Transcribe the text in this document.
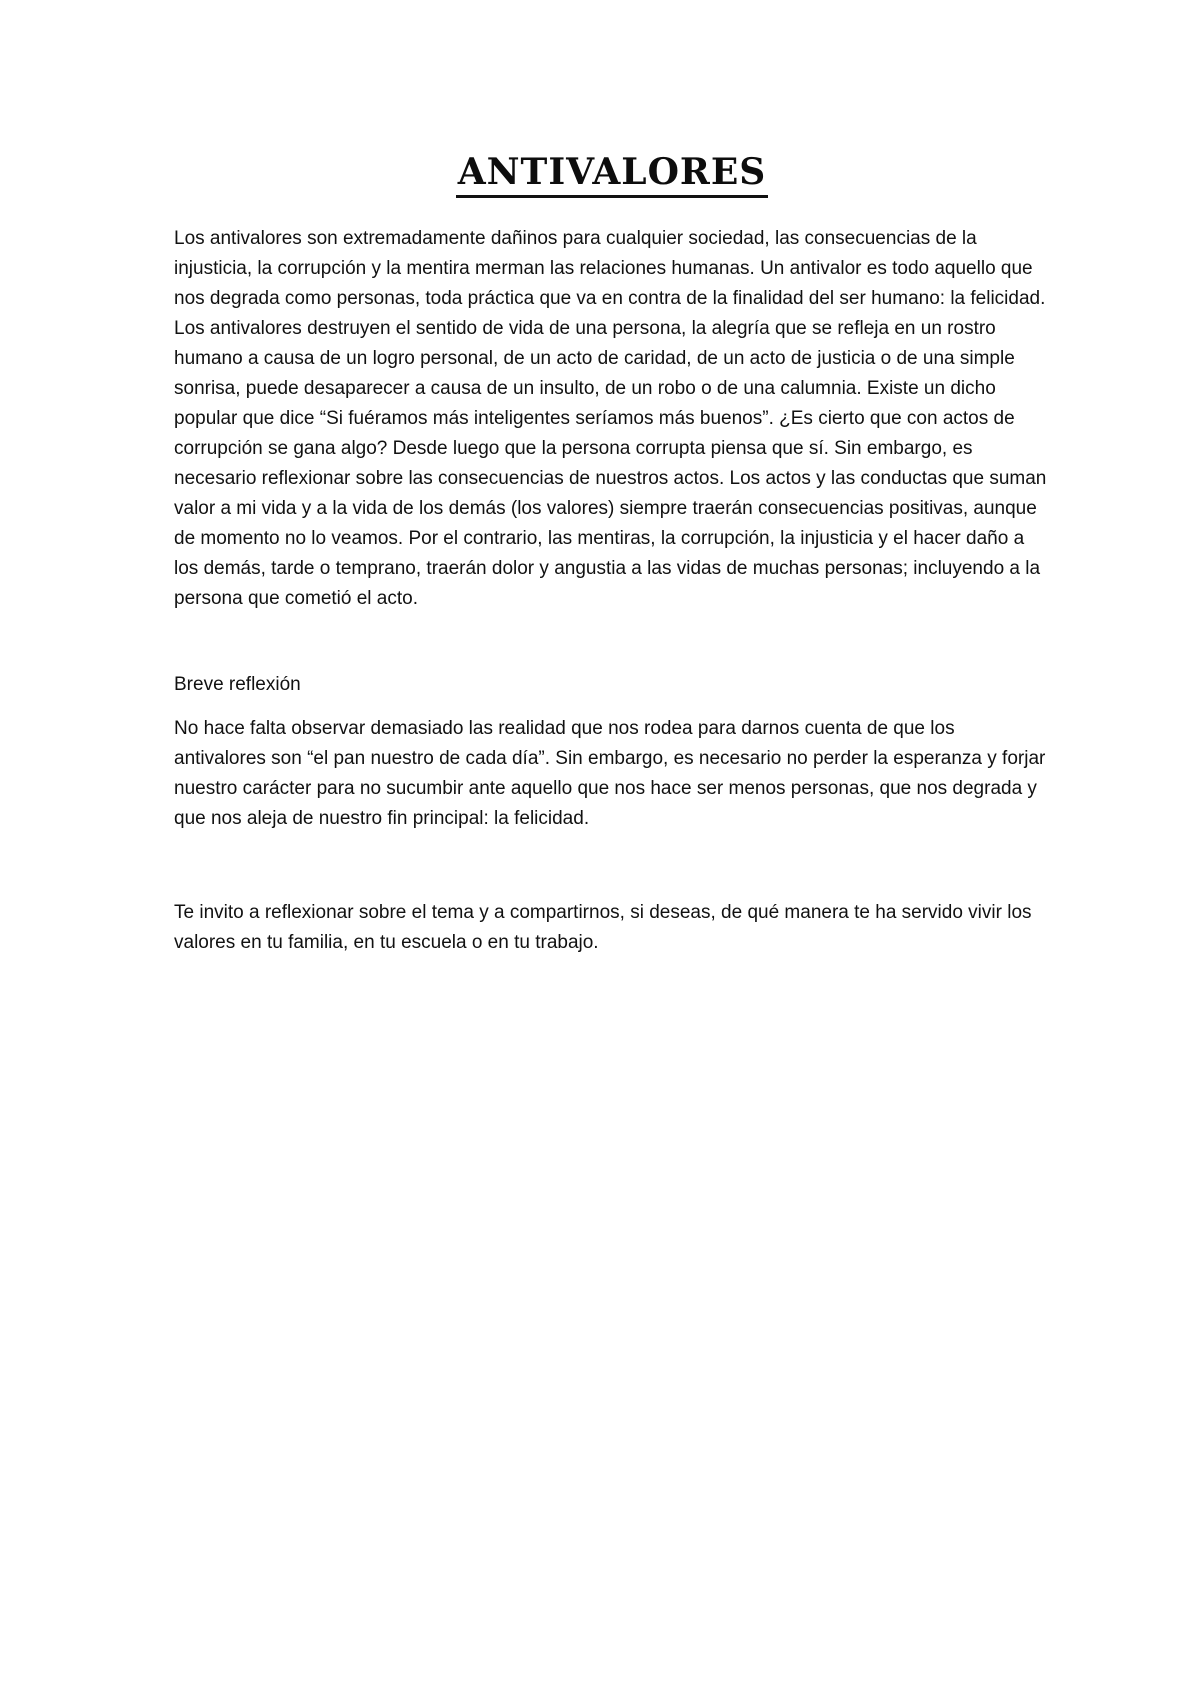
ANTIVALORES

Los antivalores son extremadamente dañinos para cualquier sociedad, las consecuencias de la injusticia, la corrupción y la mentira merman las relaciones humanas. Un antivalor es todo aquello que nos degrada como personas, toda práctica que va en contra de la finalidad del ser humano: la felicidad. Los antivalores destruyen el sentido de vida de una persona, la alegría que se refleja en un rostro humano a causa de un logro personal, de un acto de caridad, de un acto de justicia o de una simple sonrisa, puede desaparecer a causa de un insulto, de un robo o de una calumnia. Existe un dicho popular que dice “Si fuéramos más inteligentes seríamos más buenos”. ¿Es cierto que con actos de corrupción se gana algo? Desde luego que la persona corrupta piensa que sí. Sin embargo, es necesario reflexionar sobre las consecuencias de nuestros actos. Los actos y las conductas que suman valor a mi vida y a la vida de los demás (los valores) siempre traerán consecuencias positivas, aunque de momento no lo veamos. Por el contrario, las mentiras, la corrupción, la injusticia y el hacer daño a los demás, tarde o temprano, traerán dolor y angustia a las vidas de muchas personas; incluyendo a la persona que cometió el acto.

Breve reflexión

No hace falta observar demasiado las realidad que nos rodea para darnos cuenta de que los antivalores son “el pan nuestro de cada día”. Sin embargo, es necesario no perder la esperanza y forjar nuestro carácter para no sucumbir ante aquello que nos hace ser menos personas, que nos degrada y que nos aleja de nuestro fin principal: la felicidad.

Te invito a reflexionar sobre el tema y a compartirnos, si deseas, de qué manera te ha servido vivir los valores en tu familia, en tu escuela o en tu trabajo.
